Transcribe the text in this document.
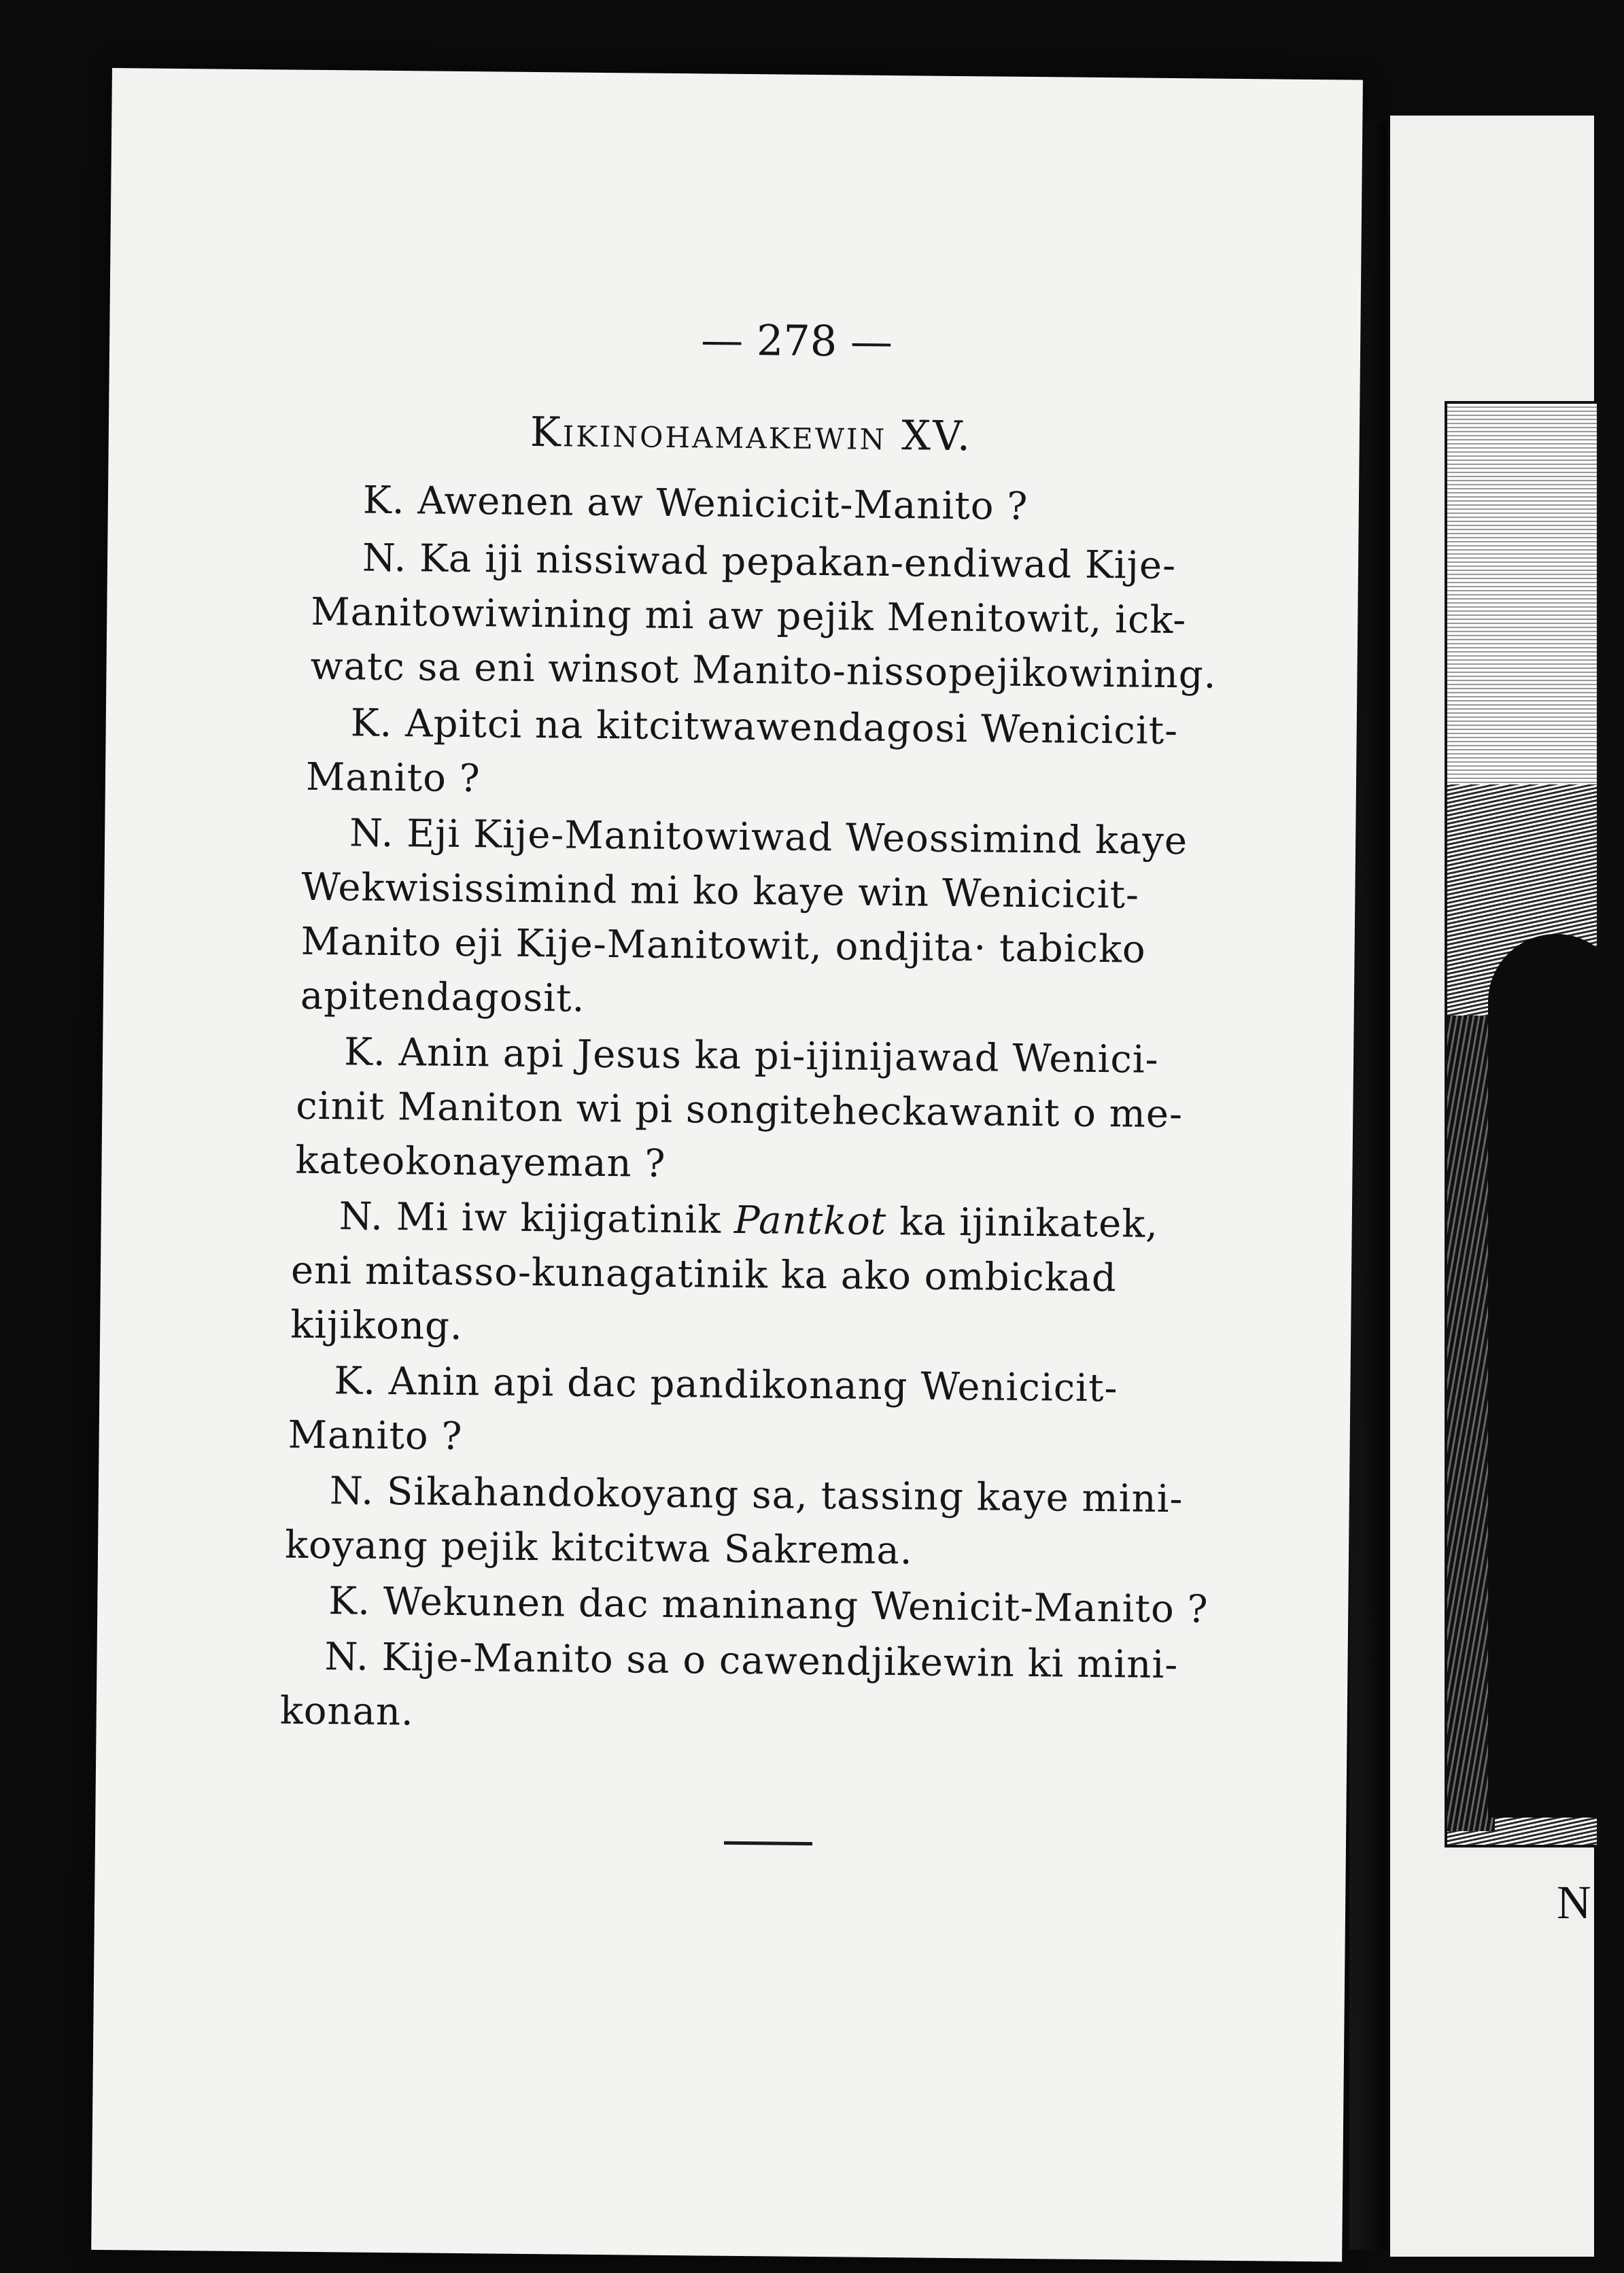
N
— 278 —
Kikinohamakewin XV.
K. Awenen aw Wenicicit-Manito ?
N. Ka iji nissiwad pepakan-endiwad Kije-
Manitowiwining mi aw pejik Menitowit, ick-
watc sa eni winsot Manito-nissopejikowining.
K. Apitci na kitcitwawendagosi Wenicicit-
Manito ?
N. Eji Kije-Manitowiwad Weossimind kaye
Wekwisissimind mi ko kaye win Wenicicit-
Manito eji Kije-Manitowit, ondjita· tabicko
apitendagosit.
K. Anin api Jesus ka pi-ijinijawad Wenici-
cinit Maniton wi pi songiteheckawanit o me-
kateokonayeman ?
N. Mi iw kijigatinik Pantkot ka ijinikatek,
eni mitasso-kunagatinik ka ako ombickad
kijikong.
K. Anin api dac pandikonang Wenicicit-
Manito ?
N. Sikahandokoyang sa, tassing kaye mini-
koyang pejik kitcitwa Sakrema.
K. Wekunen dac maninang Wenicit-Manito ?
N. Kije-Manito sa o cawendjikewin ki mini-
konan.
